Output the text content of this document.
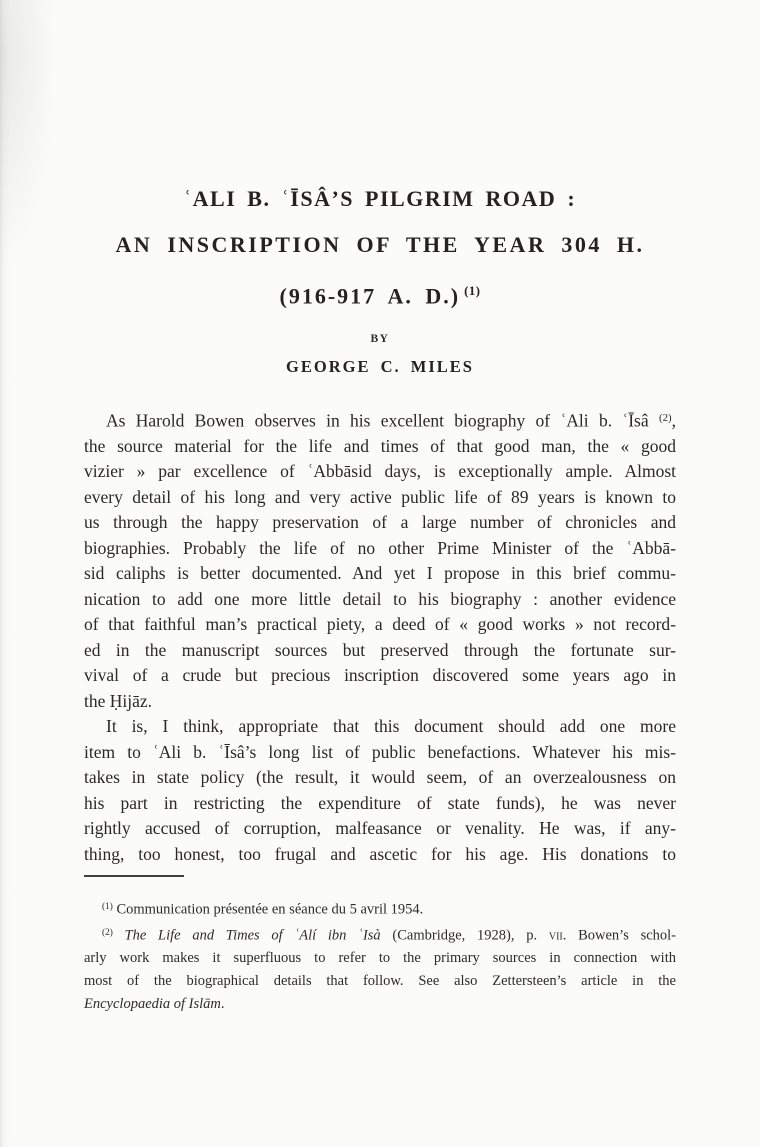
ʿALI B. ʿĪSÂ’S PILGRIM ROAD :
AN INSCRIPTION OF THE YEAR 304 H.
(916-917 A. D.) $^{(1)}$
BY
GEORGE C. MILES
As Harold Bowen observes in his excellent biography of ʿAli b. ʿĪsâ $^{(2)}$,
the source material for the life and times of that good man, the « good
vizier » par excellence of ʿAbbāsid days, is exceptionally ample. Almost
every detail of his long and very active public life of 89 years is known to
us through the happy preservation of a large number of chronicles and
biographies. Probably the life of no other Prime Minister of the ʿAbbā-
sid caliphs is better documented. And yet I propose in this brief commu-
nication to add one more little detail to his biography : another evidence
of that faithful man’s practical piety, a deed of « good works » not record-
ed in the manuscript sources but preserved through the fortunate sur-
vival of a crude but precious inscription discovered some years ago in
the Ḥijāz.
It is, I think, appropriate that this document should add one more
item to ʿAli b. ʿĪsâ’s long list of public benefactions. Whatever his mis-
takes in state policy (the result, it would seem, of an overzealousness on
his part in restricting the expenditure of state funds), he was never
rightly accused of corruption, malfeasance or venality. He was, if any-
thing, too honest, too frugal and ascetic for his age. His donations to
$^{(1)}$ Communication présentée en séance du 5 avril 1954.
$^{(2)}$ The Life and Times of ʿAlí ibn ʿIsà (Cambridge, 1928), p. vii. Bowen’s schol-
arly work makes it superfluous to refer to the primary sources in connection with
most of the biographical details that follow. See also Zettersteen’s article in the
Encyclopaedia of Islām.
